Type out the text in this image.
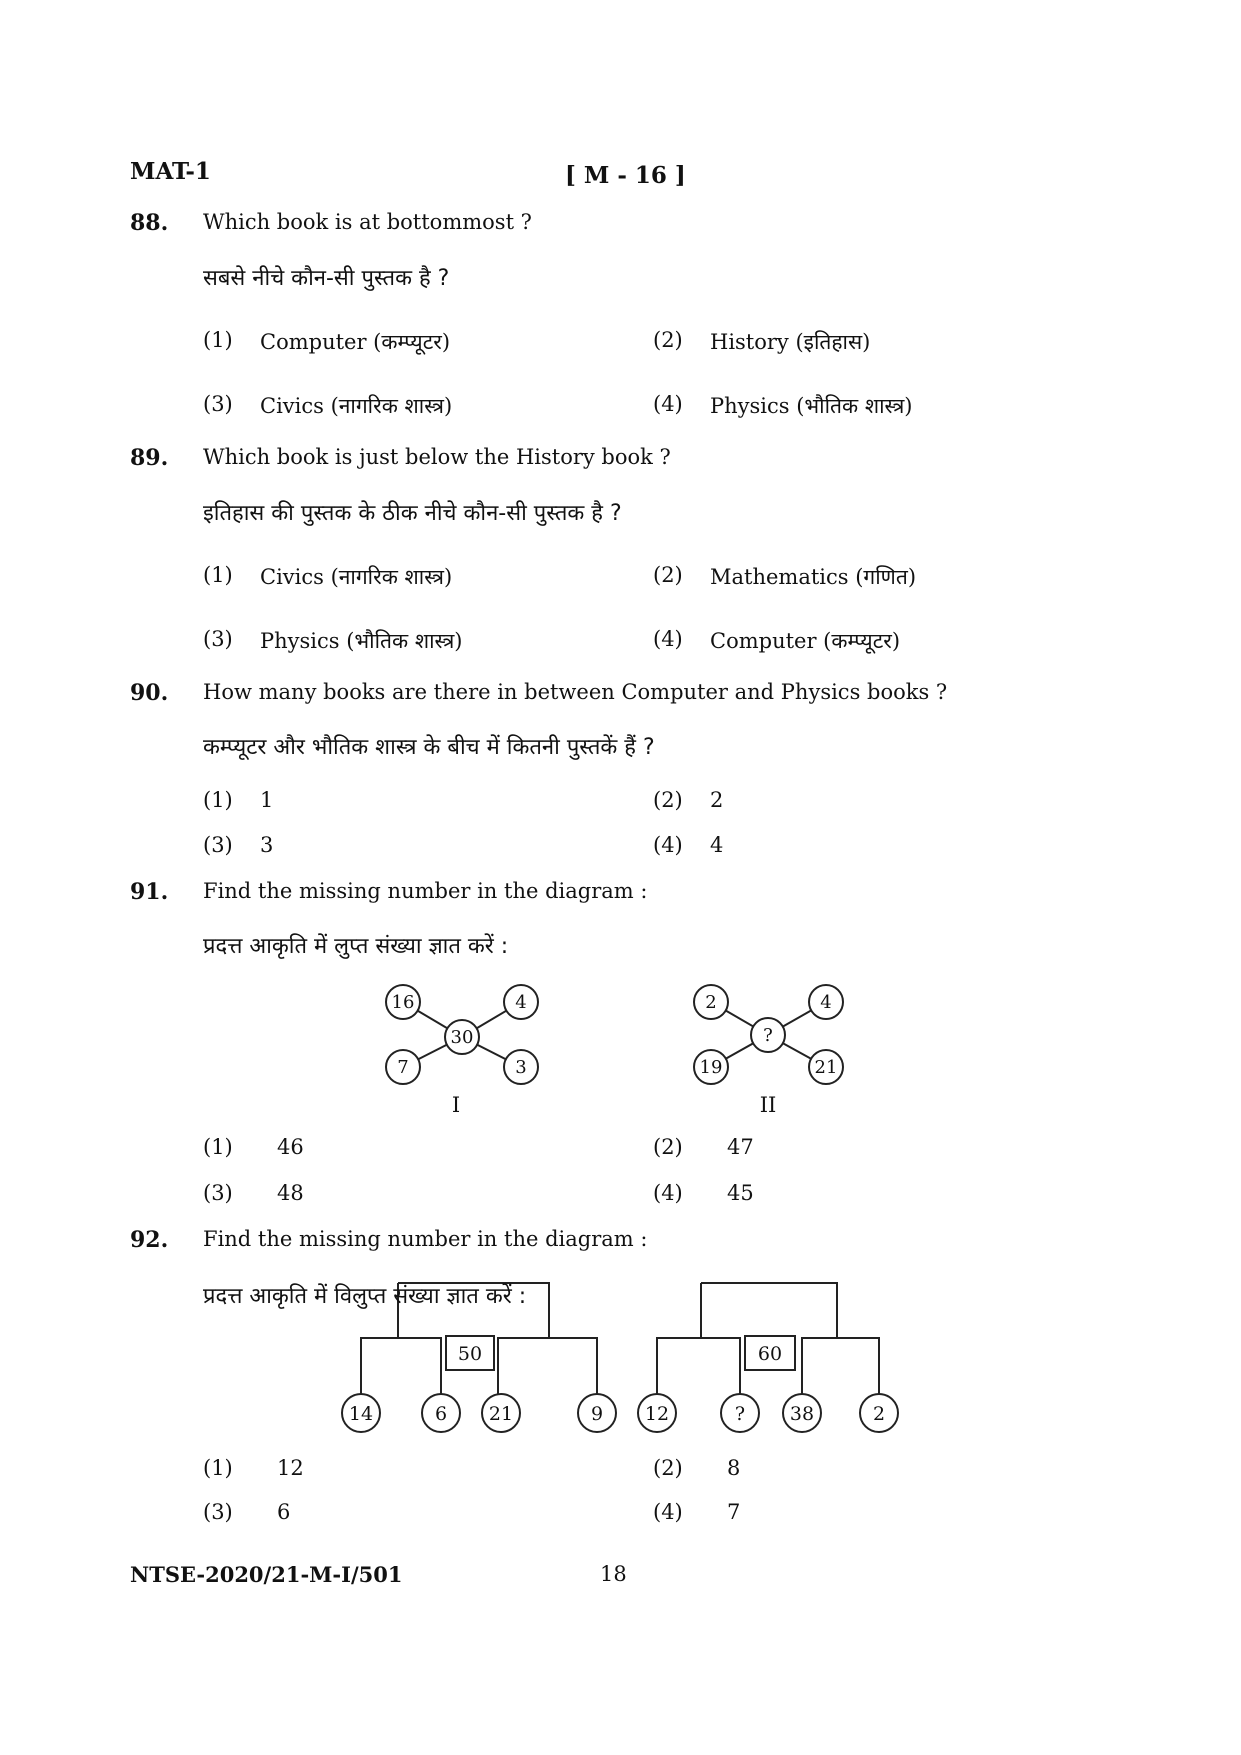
MAT-1	[ M - 16 ]
88. Which book is at bottommost ?
सबसे नीचे कौन-सी पुस्तक है ?
(1) Computer (कम्प्यूटर)	(2) History (इतिहास)
(3) Civics (नागरिक शास्त्र)	(4) Physics (भौतिक शास्त्र)
89. Which book is just below the History book ?
इतिहास की पुस्तक के ठीक नीचे कौन-सी पुस्तक है ?
(1) Civics (नागरिक शास्त्र)	(2) Mathematics (गणित)
(3) Physics (भौतिक शास्त्र)	(4) Computer (कम्प्यूटर)
90. How many books are there in between Computer and Physics books ?
कम्प्यूटर और भौतिक शास्त्र के बीच में कितनी पुस्तकें हैं ?
(1) 1	(2) 2
(3) 3	(4) 4
91. Find the missing number in the diagram :
प्रदत्त आकृति में लुप्त संख्या ज्ञात करें :
16	4
30
7	3
2	4
?
19	21
I	II
50	60
14	6 21	9 12	? 38	2
(1) 46	(2) 47
(3) 48	(4) 45
92. Find the missing number in the diagram :
प्रदत्त आकृति में विलुप्त संख्या ज्ञात करें :
(1) 12	(2) 8
(3) 6	(4) 7
NTSE-2020/21-M-I/501	18
